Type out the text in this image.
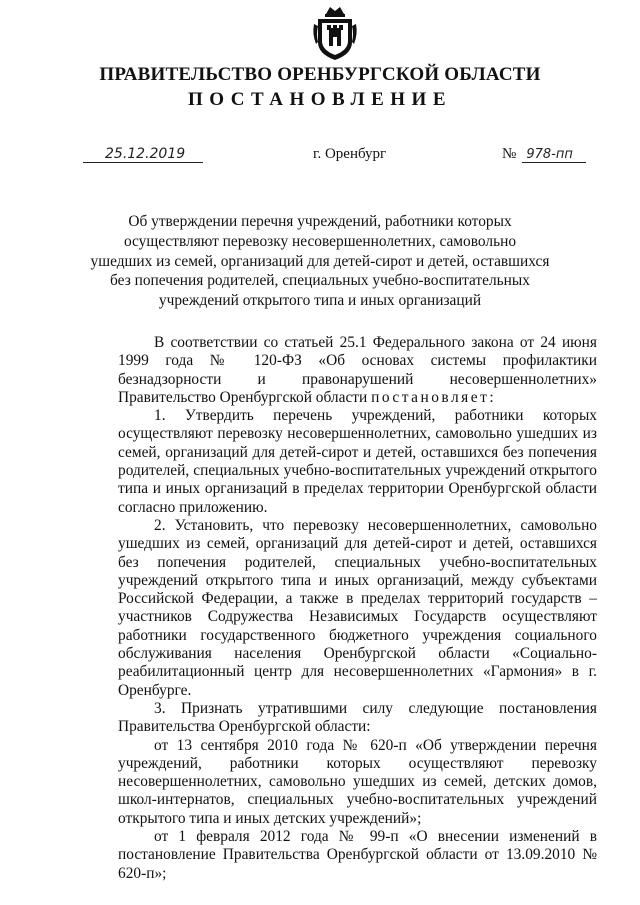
ПРАВИТЕЛЬСТВО ОРЕНБУРГСКОЙ ОБЛАСТИ
ПОСТАНОВЛЕНИЕ
25.12.2019	г. Оренбург	№ 978-пп
Об утверждении перечня учреждений, работники которых
осуществляют перевозку несовершеннолетних, самовольно
ушедших из семей, организаций для детей-сирот и детей, оставшихся
без попечения родителей, специальных учебно-воспитательных
учреждений открытого типа и иных организаций

В соответствии со статьей 25.1 Федерального закона от 24 июня 1999 года № 120-ФЗ «Об основах системы профилактики безнадзорности и правонарушений несовершеннолетних» Правительство Оренбургской области постановляет:

1. Утвердить перечень учреждений, работники которых осуществляют перевозку несовершеннолетних, самовольно ушедших из семей, организаций для детей-сирот и детей, оставшихся без попечения родителей, специальных учебно-воспитательных учреждений открытого типа и иных организаций в пределах территории Оренбургской области согласно приложению.

2. Установить, что перевозку несовершеннолетних, самовольно ушедших из семей, организаций для детей-сирот и детей, оставшихся без попечения родителей, специальных учебно-воспитательных учреждений открытого типа и иных организаций, между субъектами Российской Федерации, а также в пределах территорий государств – участников Содружества Независимых Государств осуществляют работники государственного бюджетного учреждения социального обслуживания населения Оренбургской области «Социально-реабилитационный центр для несовершеннолетних «Гармония» в г. Оренбурге.

3. Признать утратившими силу следующие постановления Правительства Оренбургской области:

от 13 сентября 2010 года № 620-п «Об утверждении перечня учреждений, работники которых осуществляют перевозку несовершеннолетних, самовольно ушедших из семей, детских домов, школ-интернатов, специальных учебно-воспитательных учреждений открытого типа и иных детских учреждений»;

от 1 февраля 2012 года № 99-п «О внесении изменений в постановление Правительства Оренбургской области от 13.09.2010 № 620-п»;
